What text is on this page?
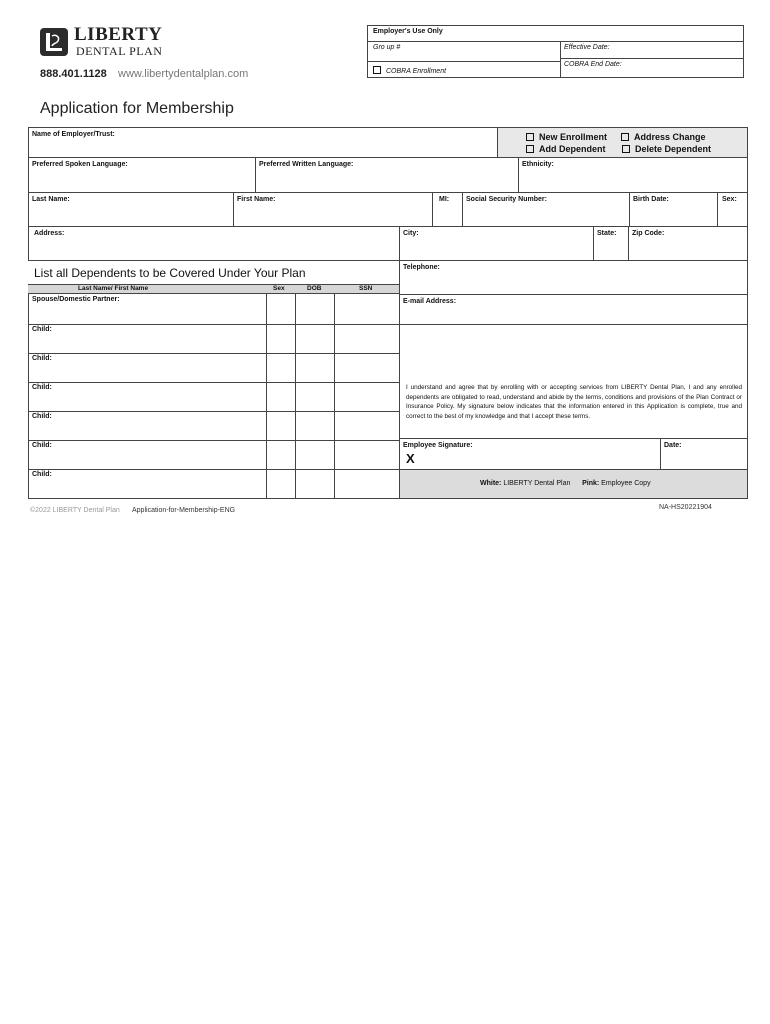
LIBERTY
DENTAL PLAN
888.401.1128 www.libertydentalplan.com
Employer's Use Only
Gro up #	Effective Date:
COBRA Enrollment
COBRA End Date:
Application for Membership
Name of Employer/Trust:	New Enrollment	Address Change
Add Dependent	Delete Dependent
Preferred Spoken Language:	Preferred Written Language:	Ethnicity:
Last Name:	First Name:	MI: Social Security Number:	Birth Date:	Sex:
Address:	City:	State: Zip Code:
List all Dependents to be Covered Under Your Plan
Last Name/ First Name	Sex	DOB	SSN
Spouse/Domestic Partner:
Child:
Child:
Child:
Child:
Child:
Child:
Telephone:
E-mail Address:
I understand and agree that by enrolling with or accepting services from LIBERTY Dental Plan, I and any enrolled dependents are obligated to read, understand and abide by the terms, conditions and provisions of the Plan Contract or Insurance Policy. My signature below indicates that the information entered in this Application is complete, true and correct to the best of my knowledge and that I accept these terms.
Employee Signature:
X
Date:
White: LIBERTY Dental Plan Pink: Employee Copy
©2022 LIBERTY Dental Plan Application-for-Membership-ENG	NA-HS20221904
